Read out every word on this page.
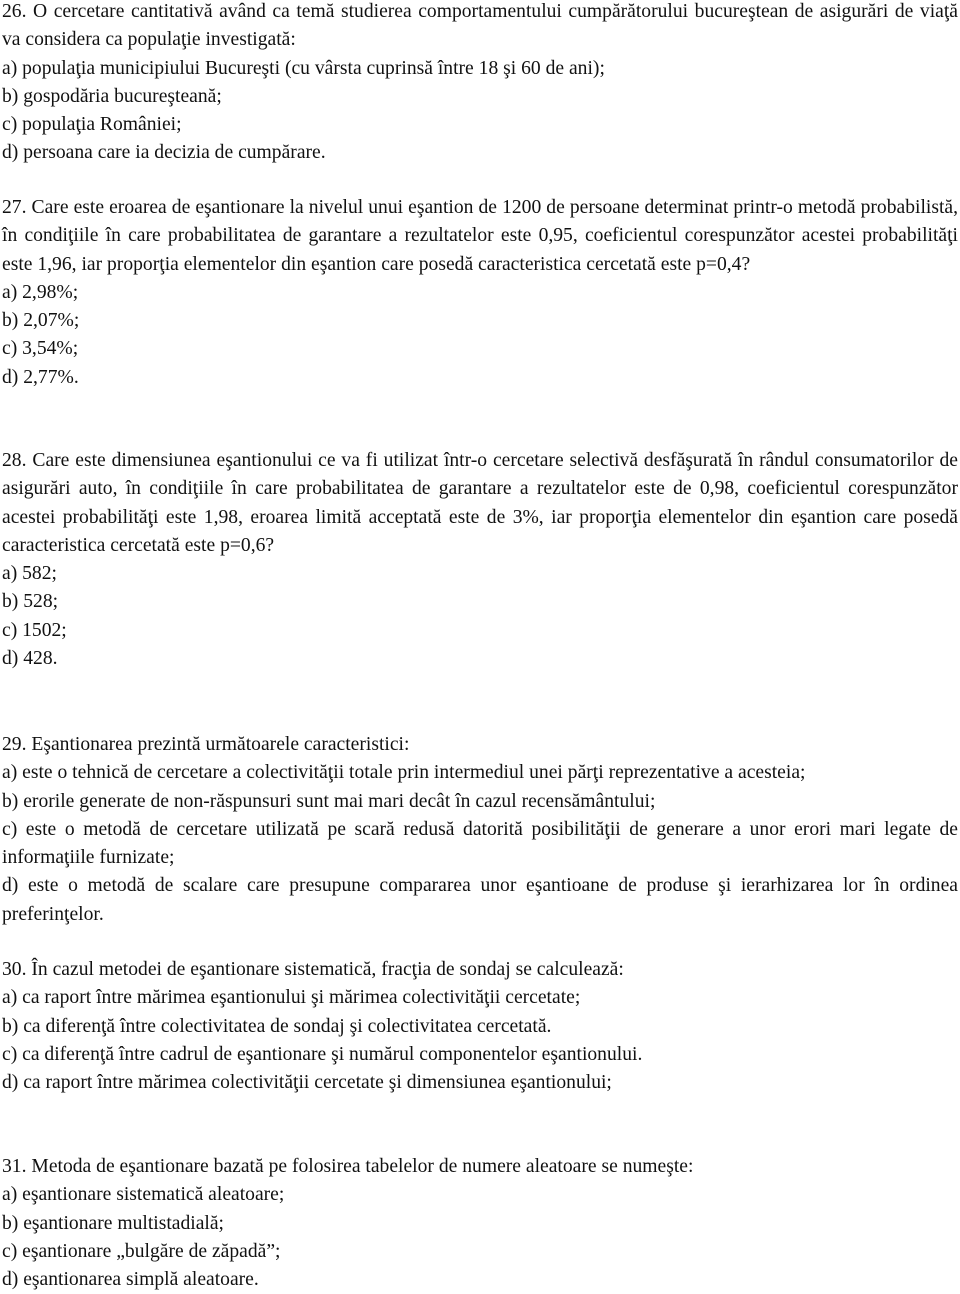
26. O cercetare cantitativă având ca temă studierea comportamentului cumpărătorului bucureştean de asigurări de viaţă va considera ca populaţie investigată:

a) populaţia municipiului Bucureşti (cu vârsta cuprinsă între 18 şi 60 de ani);

b) gospodăria bucureşteană;

c) populaţia României;

d) persoana care ia decizia de cumpărare.

27. Care este eroarea de eşantionare la nivelul unui eşantion de 1200 de persoane determinat printr-o metodă probabilistă, în condiţiile în care probabilitatea de garantare a rezultatelor este 0,95, coeficientul corespunzător acestei probabilităţi este 1,96, iar proporţia elementelor din eşantion care posedă caracteristica cercetată este p=0,4?

a) 2,98%;

b) 2,07%;

c) 3,54%;

d) 2,77%.

28. Care este dimensiunea eşantionului ce va fi utilizat într-o cercetare selectivă desfăşurată în rândul consumatorilor de asigurări auto, în condiţiile în care probabilitatea de garantare a rezultatelor este de 0,98, coeficientul corespunzător acestei probabilităţi este 1,98, eroarea limită acceptată este de 3%, iar proporţia elementelor din eşantion care posedă caracteristica cercetată este p=0,6?

a) 582;

b) 528;

c) 1502;

d) 428.

29. Eşantionarea prezintă următoarele caracteristici:

a) este o tehnică de cercetare a colectivităţii totale prin intermediul unei părţi reprezentative a acesteia;

b) erorile generate de non-răspunsuri sunt mai mari decât în cazul recensământului;

c) este o metodă de cercetare utilizată pe scară redusă datorită posibilităţii de generare a unor erori mari legate de informaţiile furnizate;

d) este o metodă de scalare care presupune compararea unor eşantioane de produse şi ierarhizarea lor în ordinea preferinţelor.

30. În cazul metodei de eşantionare sistematică, fracţia de sondaj se calculează:

a) ca raport între mărimea eşantionului şi mărimea colectivităţii cercetate;

b) ca diferenţă între colectivitatea de sondaj şi colectivitatea cercetată.

c) ca diferenţă între cadrul de eşantionare şi numărul componentelor eşantionului.

d) ca raport între mărimea colectivităţii cercetate şi dimensiunea eşantionului;

31. Metoda de eşantionare bazată pe folosirea tabelelor de numere aleatoare se numeşte:

a) eşantionare sistematică aleatoare;

b) eşantionare multistadială;

c) eşantionare „bulgăre de zăpadă”;

d) eşantionarea simplă aleatoare.
